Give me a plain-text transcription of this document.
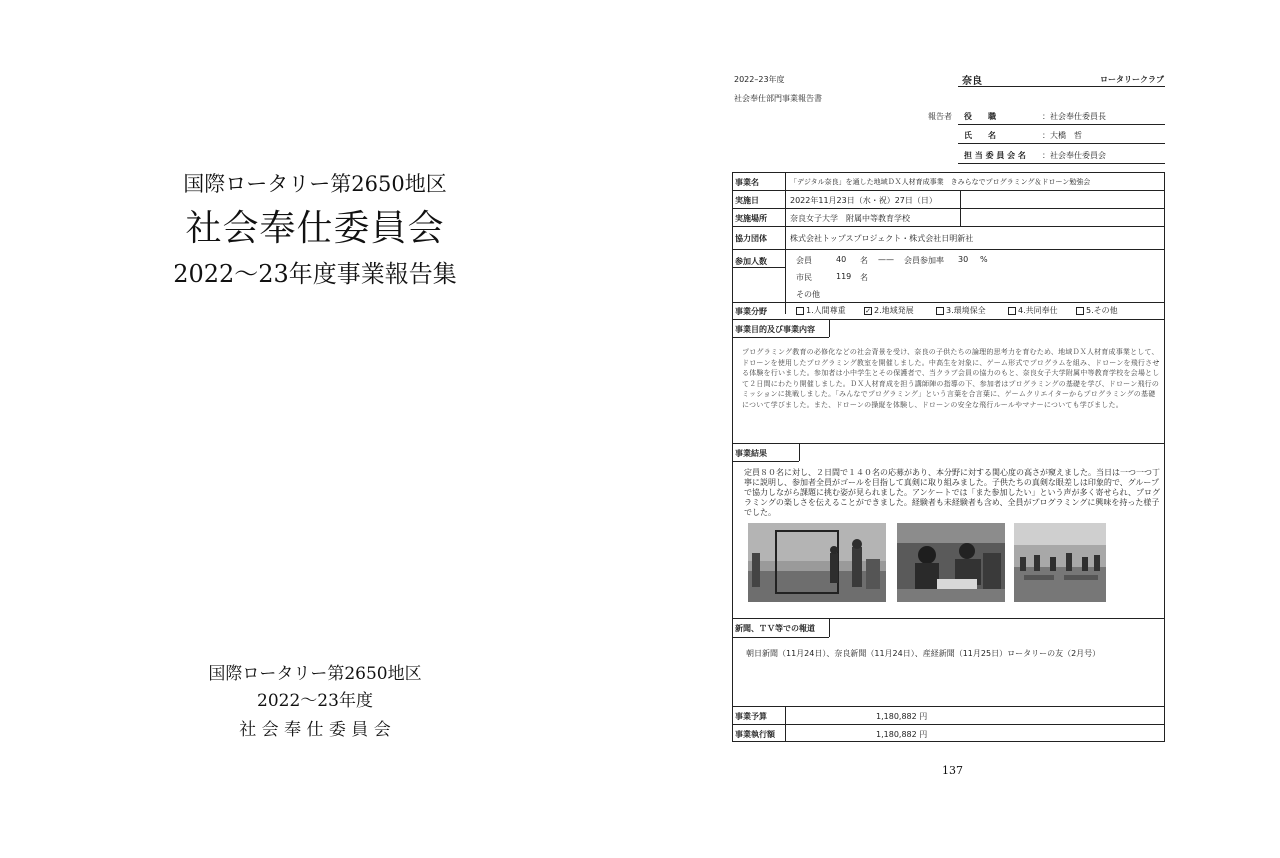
国際ロータリー第2650地区
社会奉仕委員会
2022～23年度事業報告集
国際ロータリー第2650地区
2022～23年度
社 会 奉 仕 委 員 会
2022–23年度
社会奉仕部門事業報告書
奈良	ロータリークラブ
報告者 役　　職	：社会奉仕委員長
氏　　名	：大橋　哲
担 当 委 員 会 名 ：社会奉仕委員会
事業名	「デジタル奈良」を通した地域ＤＸ人材育成事業　きみらなでプログラミング＆ドローン勉強会
実施日	2022年11月23日（水・祝）27日（日）
実施場所	奈良女子大学　附属中等教育学校
協力団体	株式会社トップスプロジェクト・株式会社日明新社
参加人数	会員	40 名 —— 会員参加率 30 %
市民	119 名
その他
事業分野	1.人間尊重	✓ 2.地域発展	3.環境保全	4.共同奉仕	5.その他
事業目的及び事業内容
プログラミング教育の必修化などの社会背景を受け、奈良の子供たちの論理的思考力を育むため、地域ＤＸ人材育成事業として、ドローンを使用したプログラミング教室を開催しました。中高生を対象に、ゲーム形式でプログラムを組み、ドローンを飛行させる体験を行いました。参加者は小中学生とその保護者で、当クラブ会員の協力のもと、奈良女子大学附属中等教育学校を会場として２日間にわたり開催しました。ＤＸ人材育成を担う講師陣の指導の下、参加者はプログラミングの基礎を学び、ドローン飛行のミッションに挑戦しました。「みんなでプログラミング」という言葉を合言葉に、ゲームクリエイターからプログラミングの基礎について学びました。また、ドローンの操縦を体験し、ドローンの安全な飛行ルールやマナーについても学びました。
事業結果
定員８０名に対し、２日間で１４０名の応募があり、本分野に対する関心度の高さが窺えました。当日は一つ一つ丁寧に説明し、参加者全員がゴールを目指して真剣に取り組みました。子供たちの真剣な眼差しは印象的で、グループで協力しながら課題に挑む姿が見られました。アンケートでは「また参加したい」という声が多く寄せられ、プログラミングの楽しさを伝えることができました。経験者も未経験者も含め、全員がプログラミングに興味を持った様子でした。
新聞、ＴＶ等での報道
朝日新聞（11月24日）、奈良新聞（11月24日）、産経新聞（11月25日）ロータリーの友（2月号）
事業予算	1,180,882 円
事業執行額	1,180,882 円
137
